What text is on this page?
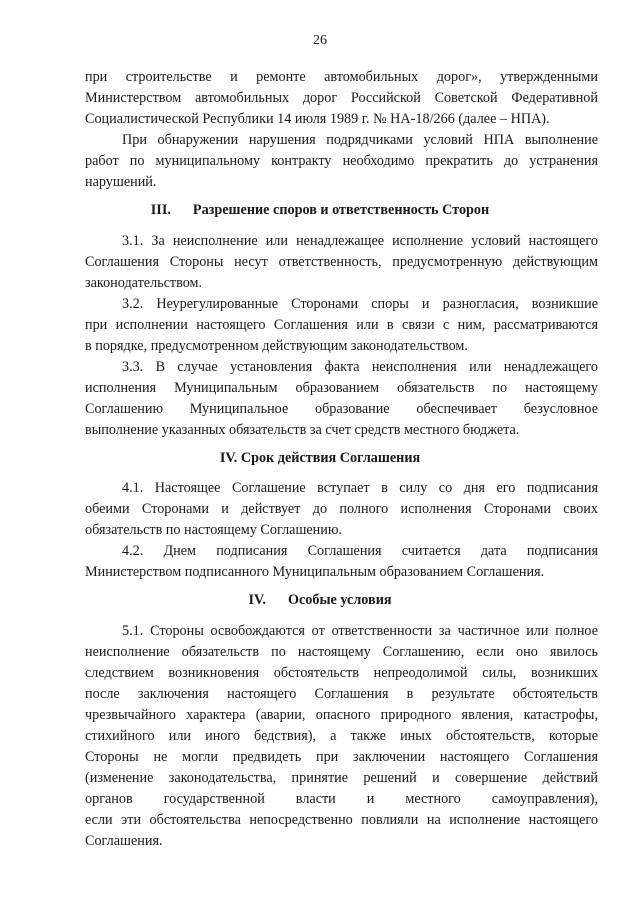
26
при строительстве и ремонте автомобильных дорог», утвержденными
Министерством автомобильных дорог Российской Советской Федеративной
Социалистической Республики 14 июля 1989 г. № НА-18/266 (далее – НПА).
При обнаружении нарушения подрядчиками условий НПА выполнение
работ по муниципальному контракту необходимо прекратить до устранения
нарушений.
III. Разрешение споров и ответственность Сторон
3.1. За неисполнение или ненадлежащее исполнение условий настоящего
Соглашения Стороны несут ответственность, предусмотренную действующим
законодательством.
3.2. Неурегулированные Сторонами споры и разногласия, возникшие
при исполнении настоящего Соглашения или в связи с ним, рассматриваются
в порядке, предусмотренном действующим законодательством.
3.3. В случае установления факта неисполнения или ненадлежащего
исполнения Муниципальным образованием обязательств по настоящему
Соглашению Муниципальное образование обеспечивает безусловное
выполнение указанных обязательств за счет средств местного бюджета.
IV. Срок действия Соглашения
4.1. Настоящее Соглашение вступает в силу со дня его подписания
обеими Сторонами и действует до полного исполнения Сторонами своих
обязательств по настоящему Соглашению.
4.2. Днем подписания Соглашения считается дата подписания
Министерством подписанного Муниципальным образованием Соглашения.
IV. Особые условия
5.1. Стороны освобождаются от ответственности за частичное или полное
неисполнение обязательств по настоящему Соглашению, если оно явилось
следствием возникновения обстоятельств непреодолимой силы, возникших
после заключения настоящего Соглашения в результате обстоятельств
чрезвычайного характера (аварии, опасного природного явления, катастрофы,
стихийного или иного бедствия), а также иных обстоятельств, которые
Стороны не могли предвидеть при заключении настоящего Соглашения
(изменение законодательства, принятие решений и совершение действий
органов государственной власти и местного самоуправления),
если эти обстоятельства непосредственно повлияли на исполнение настоящего
Соглашения.
